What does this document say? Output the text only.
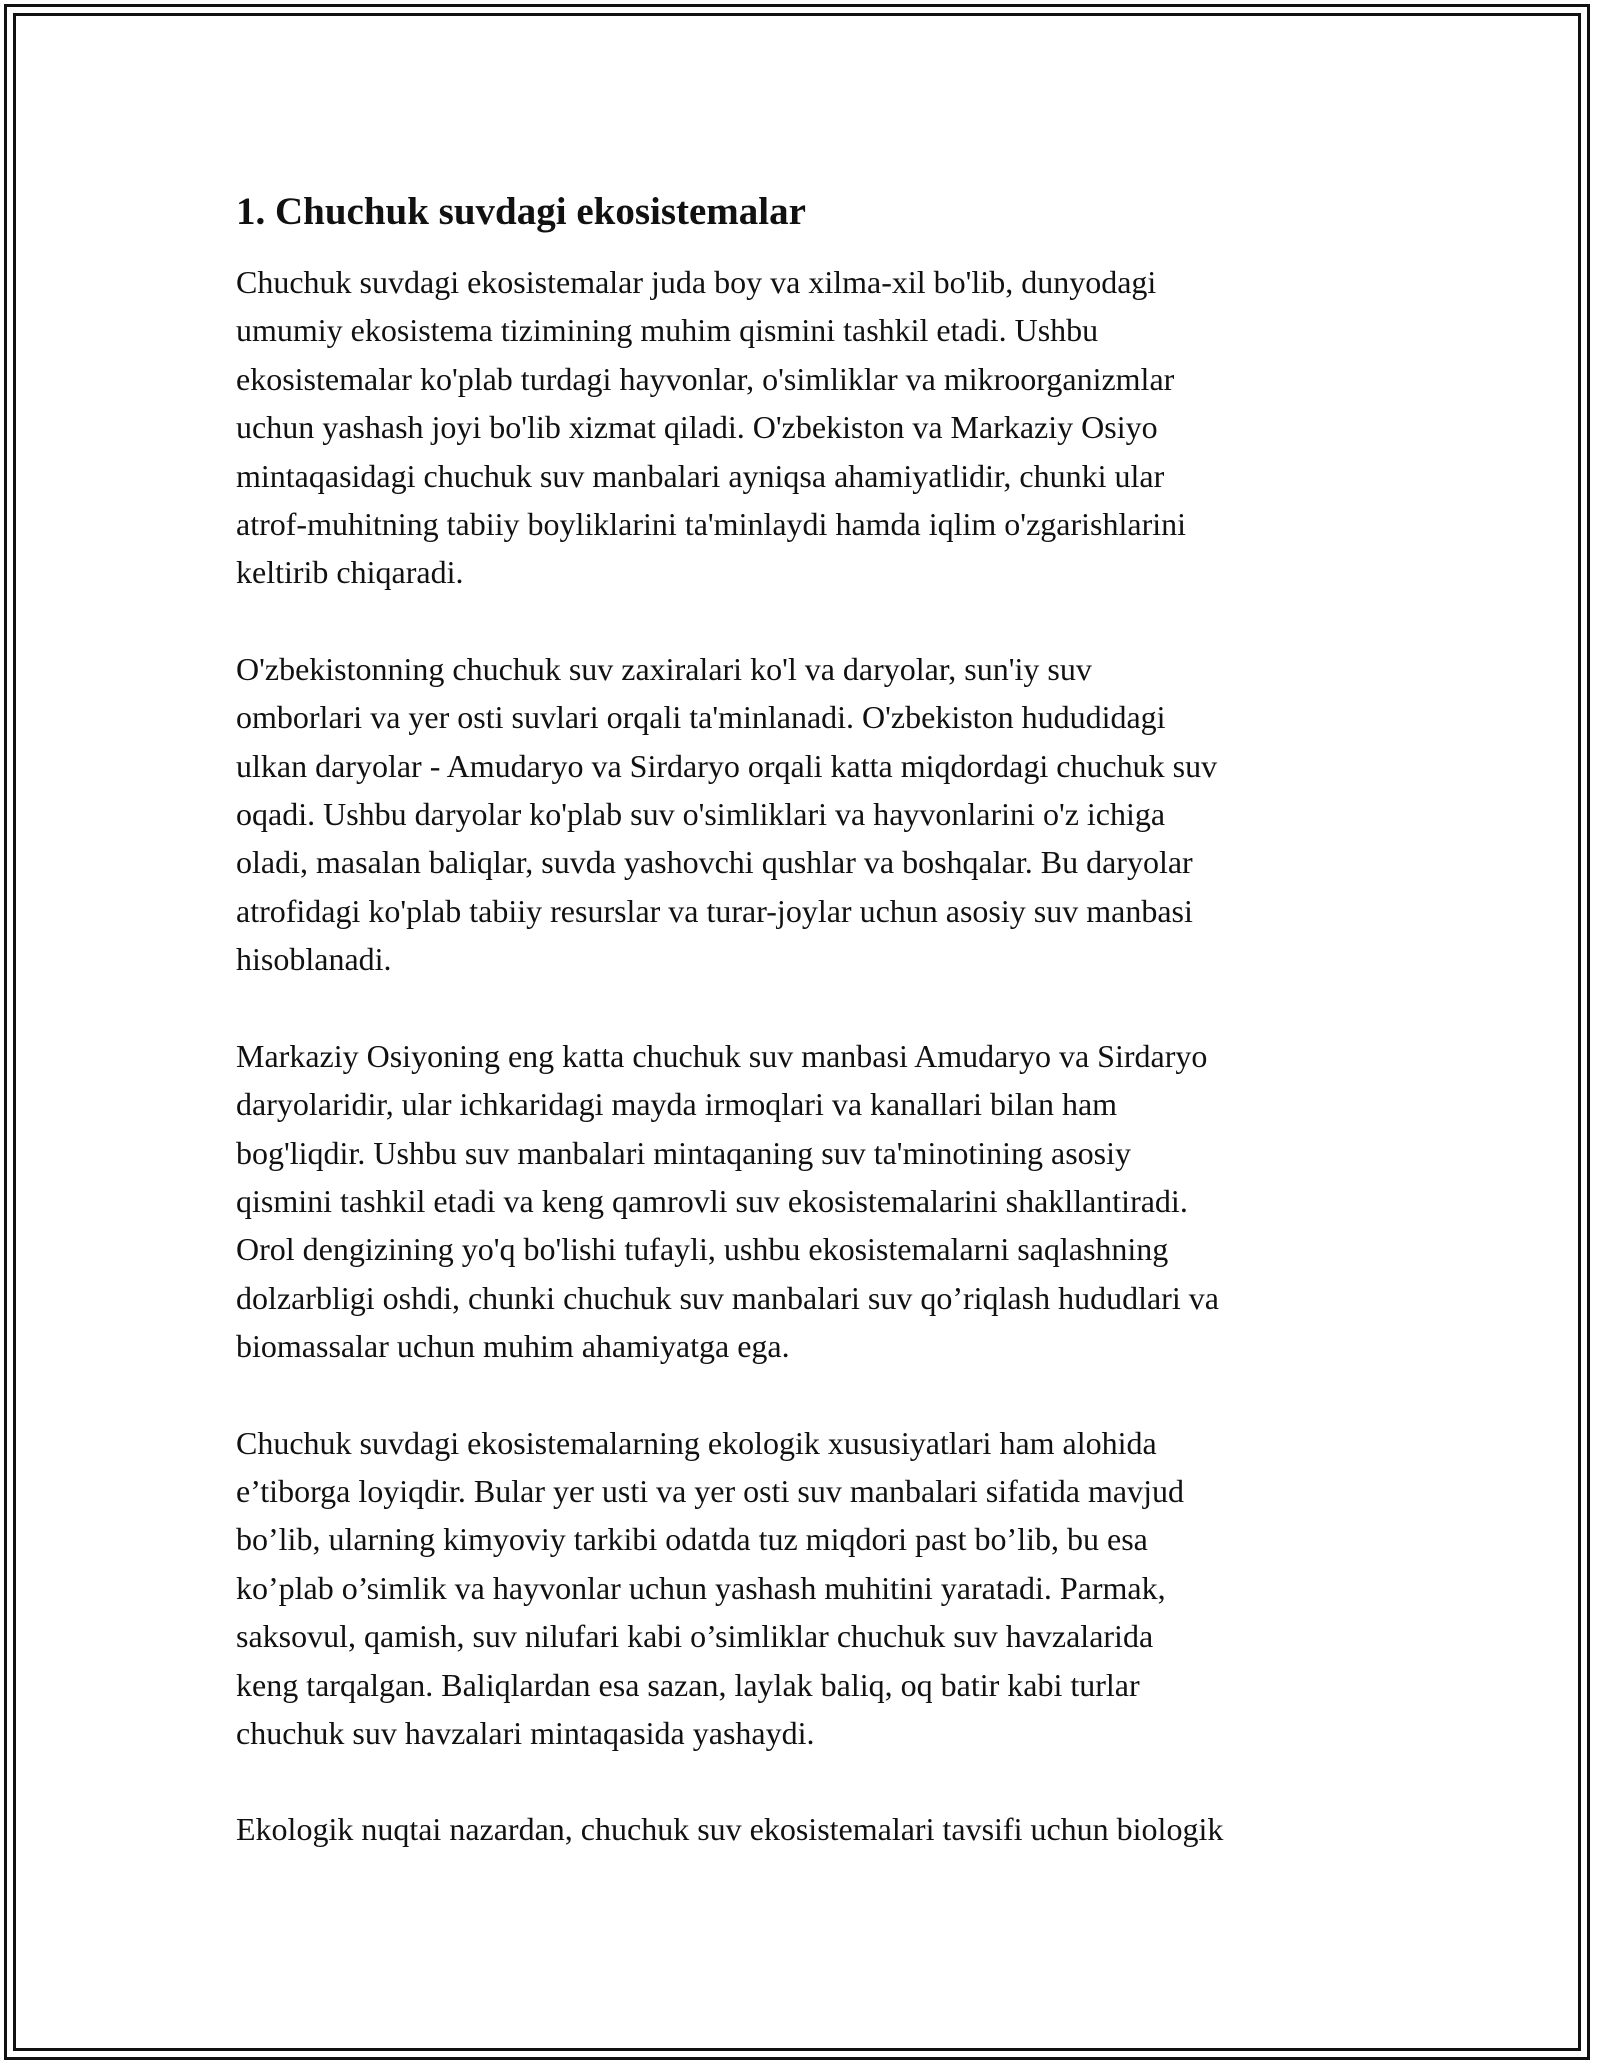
1. Chuchuk suvdagi ekosistemalar

Chuchuk suvdagi ekosistemalar juda boy va xilma-xil bo'lib, dunyodagi
umumiy ekosistema tizimining muhim qismini tashkil etadi. Ushbu
ekosistemalar ko'plab turdagi hayvonlar, o'simliklar va mikroorganizmlar
uchun yashash joyi bo'lib xizmat qiladi. O'zbekiston va Markaziy Osiyo
mintaqasidagi chuchuk suv manbalari ayniqsa ahamiyatlidir, chunki ular
atrof-muhitning tabiiy boyliklarini ta'minlaydi hamda iqlim o'zgarishlarini
keltirib chiqaradi.

O'zbekistonning chuchuk suv zaxiralari ko'l va daryolar, sun'iy suv
omborlari va yer osti suvlari orqali ta'minlanadi. O'zbekiston hududidagi
ulkan daryolar - Amudaryo va Sirdaryo orqali katta miqdordagi chuchuk suv
oqadi. Ushbu daryolar ko'plab suv o'simliklari va hayvonlarini o'z ichiga
oladi, masalan baliqlar, suvda yashovchi qushlar va boshqalar. Bu daryolar
atrofidagi ko'plab tabiiy resurslar va turar-joylar uchun asosiy suv manbasi
hisoblanadi.

Markaziy Osiyoning eng katta chuchuk suv manbasi Amudaryo va Sirdaryo
daryolaridir, ular ichkaridagi mayda irmoqlari va kanallari bilan ham
bog'liqdir. Ushbu suv manbalari mintaqaning suv ta'minotining asosiy
qismini tashkil etadi va keng qamrovli suv ekosistemalarini shakllantiradi.
Orol dengizining yo'q bo'lishi tufayli, ushbu ekosistemalarni saqlashning
dolzarbligi oshdi, chunki chuchuk suv manbalari suv qo’riqlash hududlari va
biomassalar uchun muhim ahamiyatga ega.

Chuchuk suvdagi ekosistemalarning ekologik xususiyatlari ham alohida
e’tiborga loyiqdir. Bular yer usti va yer osti suv manbalari sifatida mavjud
bo’lib, ularning kimyoviy tarkibi odatda tuz miqdori past bo’lib, bu esa
ko’plab o’simlik va hayvonlar uchun yashash muhitini yaratadi. Parmak,
saksovul, qamish, suv nilufari kabi o’simliklar chuchuk suv havzalarida
keng tarqalgan. Baliqlardan esa sazan, laylak baliq, oq batir kabi turlar
chuchuk suv havzalari mintaqasida yashaydi.

Ekologik nuqtai nazardan, chuchuk suv ekosistemalari tavsifi uchun biologik
